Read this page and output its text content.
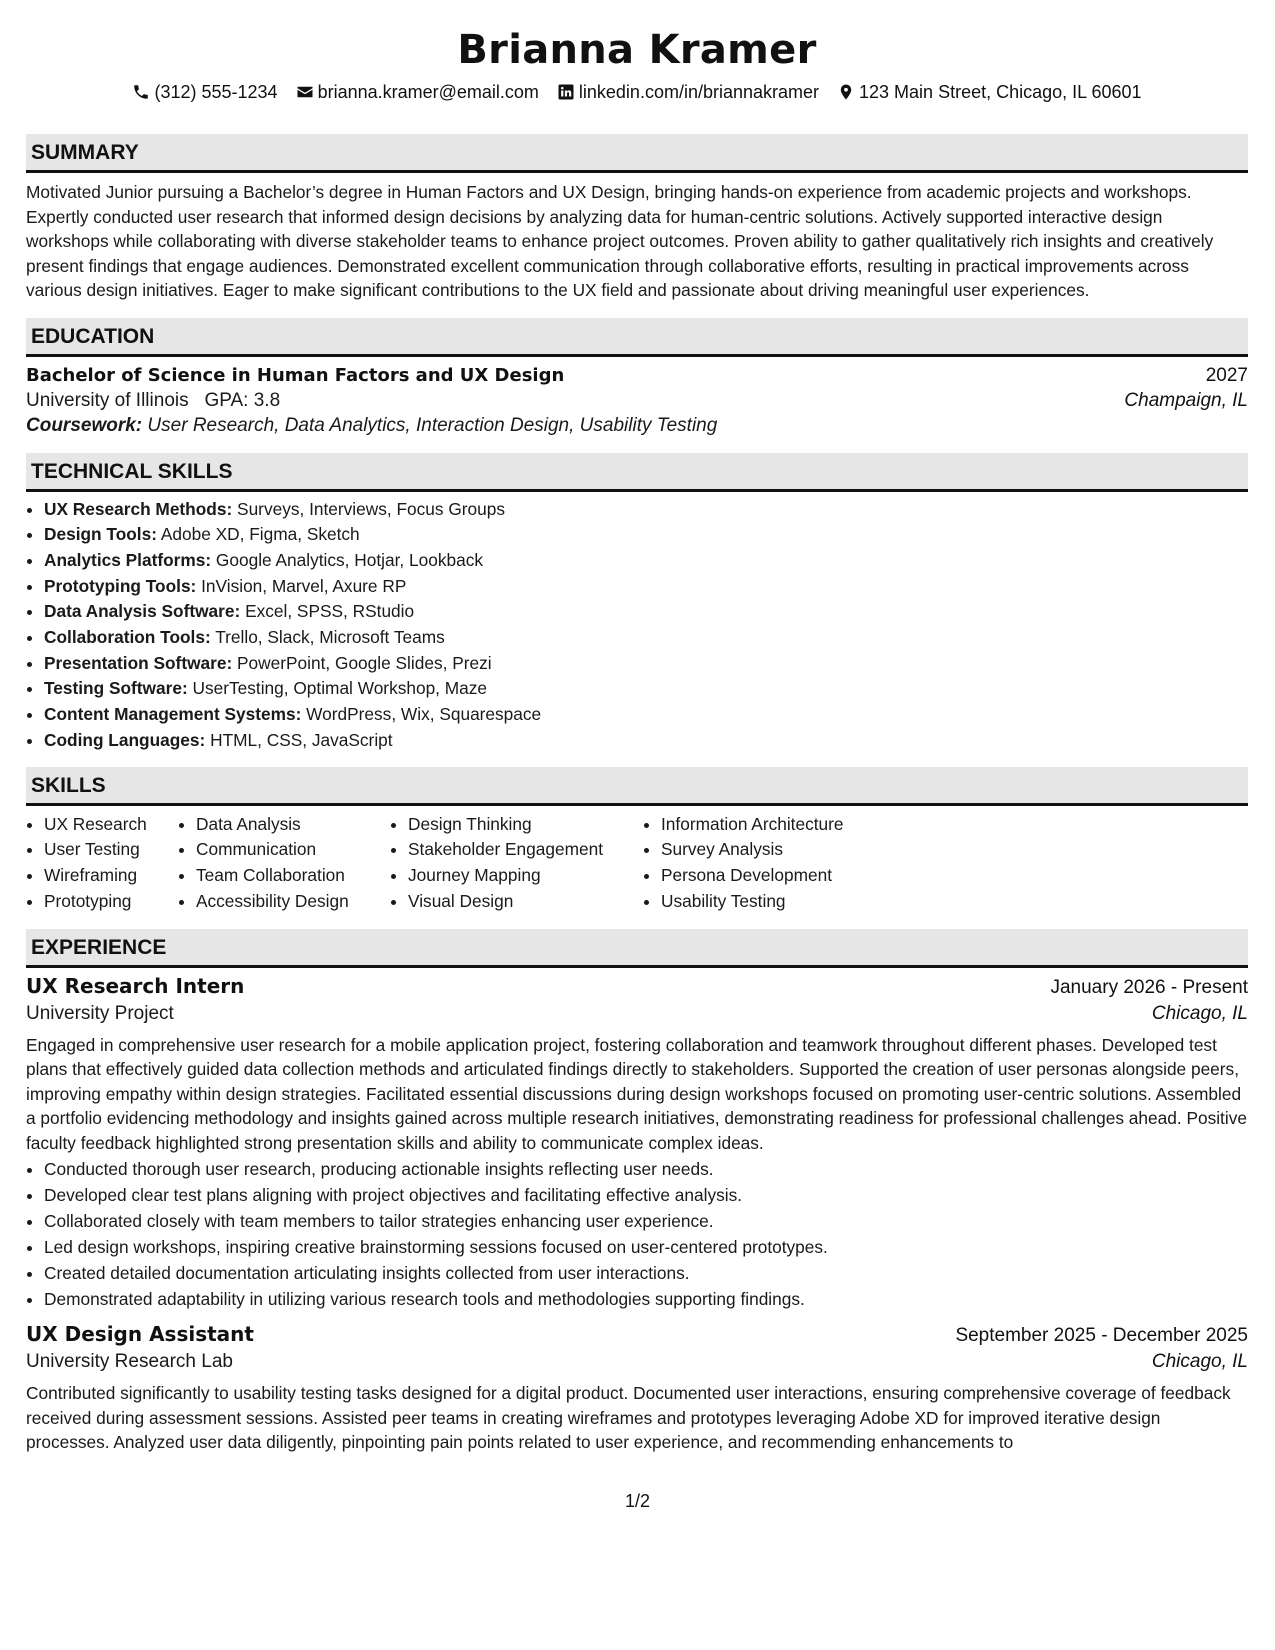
Brianna Kramer
(312) 555-1234 brianna.kramer@email.com linkedin.com/in/briannakramer 123 Main Street, Chicago, IL 60601
SUMMARY

Motivated Junior pursuing a Bachelor’s degree in Human Factors and UX Design, bringing hands-on experience from academic projects and workshops. Expertly conducted user research that informed design decisions by analyzing data for human-centric solutions. Actively supported interactive design workshops while collaborating with diverse stakeholder teams to enhance project outcomes. Proven ability to gather qualitatively rich insights and creatively present findings that engage audiences. Demonstrated excellent communication through collaborative efforts, resulting in practical improvements across various design initiatives. Eager to make significant contributions to the UX field and passionate about driving meaningful user experiences.

EDUCATION
Bachelor of Science in Human Factors and UX Design	2027
University of Illinois GPA: 3.8	Champaign, IL
Coursework: User Research, Data Analytics, Interaction Design, Usability Testing
TECHNICAL SKILLS
• UX Research Methods: Surveys, Interviews, Focus Groups
• Design Tools: Adobe XD, Figma, Sketch
• Analytics Platforms: Google Analytics, Hotjar, Lookback
• Prototyping Tools: InVision, Marvel, Axure RP
• Data Analysis Software: Excel, SPSS, RStudio
• Collaboration Tools: Trello, Slack, Microsoft Teams
• Presentation Software: PowerPoint, Google Slides, Prezi
• Testing Software: UserTesting, Optimal Workshop, Maze
• Content Management Systems: WordPress, Wix, Squarespace
• Coding Languages: HTML, CSS, JavaScript
SKILLS
• UX Research
• User Testing
• Wireframing
• Prototyping
• Data Analysis
• Communication
• Team Collaboration
• Accessibility Design
• Design Thinking
• Stakeholder Engagement
• Journey Mapping
• Visual Design
• Information Architecture
• Survey Analysis
• Persona Development
• Usability Testing
EXPERIENCE
UX Research Intern	January 2026 - Present
University Project	Chicago, IL

Engaged in comprehensive user research for a mobile application project, fostering collaboration and teamwork throughout different phases. Developed test plans that effectively guided data collection methods and articulated findings directly to stakeholders. Supported the creation of user personas alongside peers, improving empathy within design strategies. Facilitated essential discussions during design workshops focused on promoting user-centric solutions. Assembled a portfolio evidencing methodology and insights gained across multiple research initiatives, demonstrating readiness for professional challenges ahead. Positive faculty feedback highlighted strong presentation skills and ability to communicate complex ideas.

• Conducted thorough user research, producing actionable insights reflecting user needs.
• Developed clear test plans aligning with project objectives and facilitating effective analysis.
• Collaborated closely with team members to tailor strategies enhancing user experience.
• Led design workshops, inspiring creative brainstorming sessions focused on user-centered prototypes.
• Created detailed documentation articulating insights collected from user interactions.
• Demonstrated adaptability in utilizing various research tools and methodologies supporting findings.
UX Design Assistant	September 2025 - December 2025
University Research Lab	Chicago, IL

Contributed significantly to usability testing tasks designed for a digital product. Documented user interactions, ensuring comprehensive coverage of feedback received during assessment sessions. Assisted peer teams in creating wireframes and prototypes leveraging Adobe XD for improved iterative design processes. Analyzed user data diligently, pinpointing pain points related to user experience, and recommending enhancements to

1/2
